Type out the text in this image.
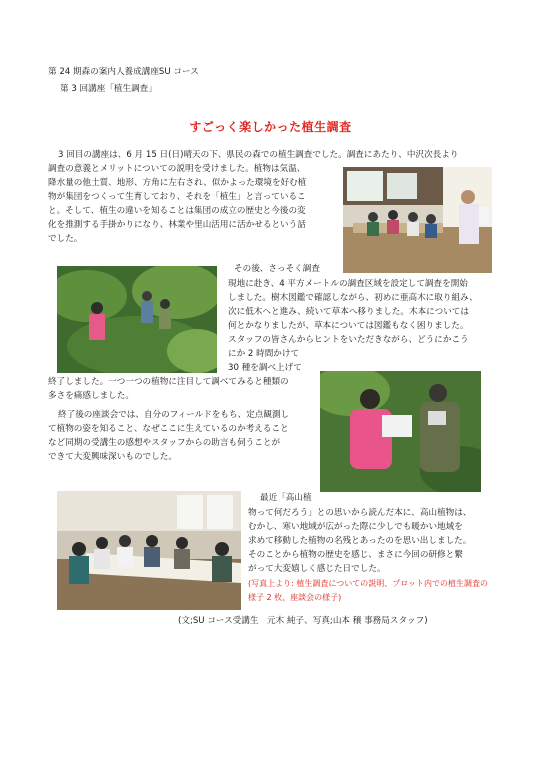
第 24 期森の案内人養成講座SU コース
第 3 回講座「植生調査」
すごっく楽しかった植生調査
3 回目の講座は、6 月 15 日(日)晴天の下、県民の森での植生調査でした。調査にあたり、中沢次長より
調査の意義とメリットについての説明を受けました。植物は気温、
降水量の他土質、地形、方角に左右され、似かよった環境を好む植
物が集団をつくって生育しており、それを「植生」と言っているこ
と。そして、植生の違いを知ることは集団の成立の歴史と今後の変
化を推測する手掛かりになり、林業や里山活用に活かせるという話
でした。
その後、さっそく調査
現地に赴き、4 平方メートルの調査区域を設定して調査を開始
しました。樹木図鑑で確認しながら、初めに亜高木に取り組み、
次に低木へと進み、続いて草本へ移りました。木本については
何とかなりましたが、草本については図鑑もなく困りました。
スタッフの皆さんからヒントをいただきながら、どうにかこう
にか 2 時間かけて
30 種を調べ上げて
終了しました。一つ一つの植物に注目して調べてみると種類の
多さを痛感しました。
終了後の座談会では、自分のフィールドをもち、定点観測し
て植物の姿を知ること、なぜここに生えているのか考えること
など同期の受講生の感想やスタッフからの助言も伺うことが
できて大変興味深いものでした。
最近「高山植
物って何だろう」との思いから読んだ本に、高山植物は、
むかし、寒い地域が広がった際に少しでも暖かい地域を
求めて移動した植物の名残とあったのを思い出しました。
そのことから植物の歴史を感じ、まさに今回の研修と繋
がって大変嬉しく感じた日でした。
(写真上より: 植生調査についての説明、プロット内での植生調査の
様子 2 枚、座談会の様子)
(文;SU コース受講生　元木 純子、写真;山本 穣 事務局スタッフ)
